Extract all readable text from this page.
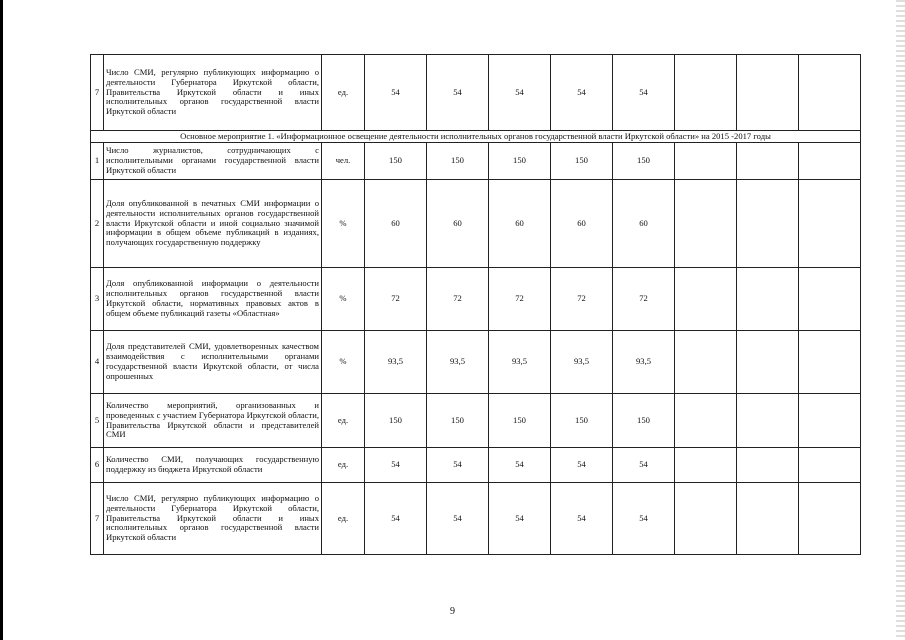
7	Число СМИ, регулярно публикующих информацию о деятельности Губернатора Иркутской области, Правительства Иркутской области и иных исполнительных органов государственной власти Иркутской области	ед.	54	54	54	54	54			
Основное мероприятие 1. «Информационное освещение деятельности исполнительных органов государственной власти Иркутской области» на 2015 -2017 годы										
1	Число журналистов, сотрудничающих с исполнительными органами государственной власти Иркутской области	чел.	150	150	150	150	150			
2	Доля опубликованной в печатных СМИ информации о деятельности исполнительных органов государственной власти Иркутской области и иной социально значимой информации в общем объеме публикаций в изданиях, получающих государственную поддержку	%	60	60	60	60	60			
3	Доля опубликованной информации о деятельности исполнительных органов государственной власти Иркутской области, нормативных правовых актов в общем объеме публикаций газеты «Областная»	%	72	72	72	72	72			
4	Доля представителей СМИ, удовлетворенных качеством взаимодействия с исполнительными органами государственной власти Иркутской области, от числа опрошенных	%	93,5	93,5	93,5	93,5	93,5			
5	Количество мероприятий, организованных и проведенных с участием Губернатора Иркутской области, Правительства Иркутской области и представителей СМИ	ед.	150	150	150	150	150			
6	Количество СМИ, получающих государственную поддержку из бюджета Иркутской области	ед.	54	54	54	54	54			
7	Число СМИ, регулярно публикующих информацию о деятельности Губернатора Иркутской области, Правительства Иркутской области и иных исполнительных органов государственной власти Иркутской области	ед.	54	54	54	54	54			
9
